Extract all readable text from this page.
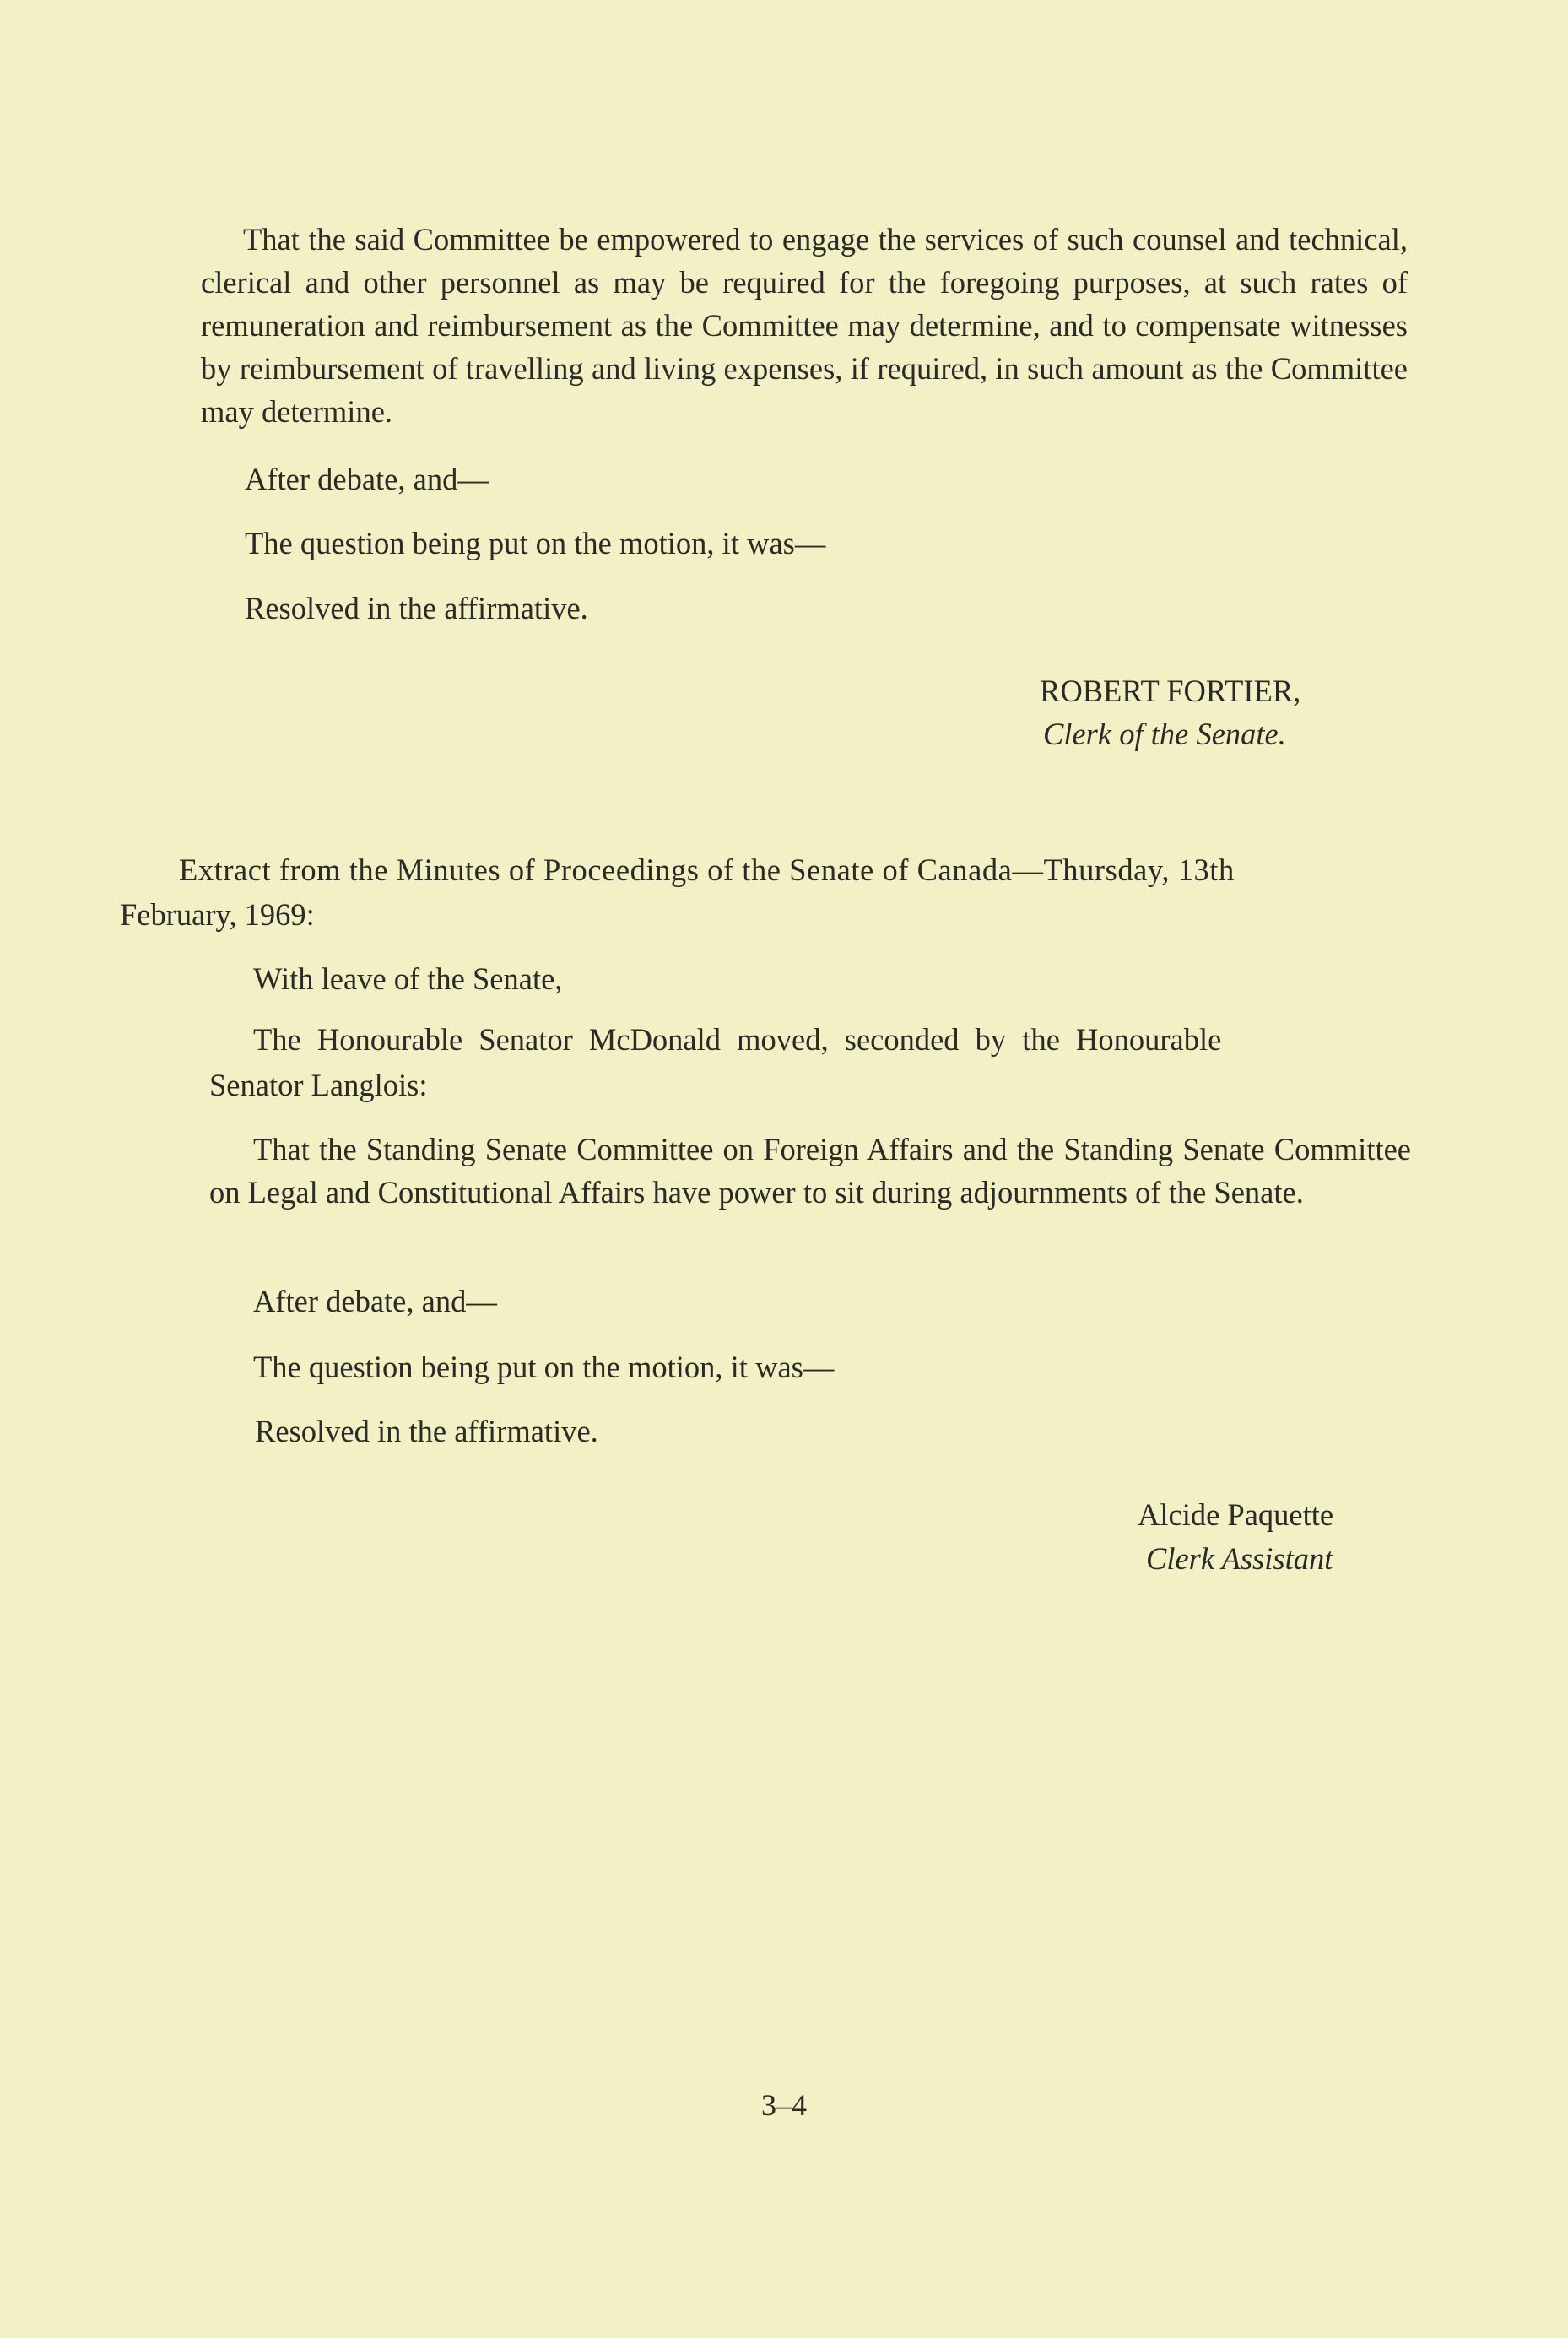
That the said Committee be empowered to engage the services of such counsel and technical, clerical and other personnel as may be required for the foregoing purposes, at such rates of remuneration and reimbursement as the Committee may determine, and to compensate witnesses by reimbursement of travelling and living expenses, if required, in such amount as the Committee may determine.

After debate, and—

The question being put on the motion, it was—

Resolved in the affirmative.

ROBERT FORTIER,
Clerk of the Senate.

Extract from the Minutes of Proceedings of the Senate of Canada—Thursday, 13th

February, 1969:

With leave of the Senate,

The Honourable Senator McDonald moved, seconded by the Honourable

Senator Langlois:

That the Standing Senate Committee on Foreign Affairs and the Standing Senate Committee on Legal and Constitutional Affairs have power to sit during adjournments of the Senate.

After debate, and—

The question being put on the motion, it was—

Resolved in the affirmative.

Alcide Paquette
Clerk Assistant
3–4
